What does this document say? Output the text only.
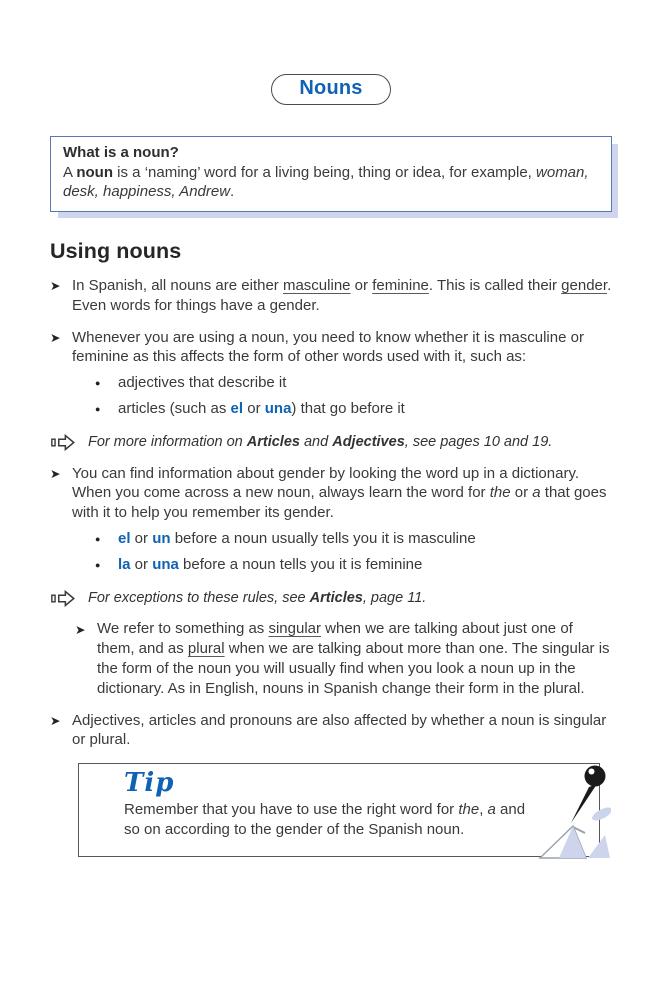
Nouns

What is a noun?

A noun is a ‘naming’ word for a living being, thing or idea, for example, woman, desk, happiness, Andrew.

Using nouns
➤ In Spanish, all nouns are either masculine or feminine. This is called their gender. Even words for things have a gender.

➤ Whenever you are using a noun, you need to know whether it is masculine or feminine as this affects the form of other words used with it, such as:

●	adjectives that describe it

●	articles (such as el or una) that go before it

For more information on Articles and Adjectives, see pages 10 and 19.

➤ You can find information about gender by looking the word up in a dictionary. When you come across a new noun, always learn the word for the or a that goes with it to help you remember its gender.

●	el or un before a noun usually tells you it is masculine

●	la or una before a noun tells you it is feminine

For exceptions to these rules, see Articles, page 11.

➤ We refer to something as singular when we are talking about just one of them, and as plural when we are talking about more than one. The singular is the form of the noun you will usually find when you look a noun up in the dictionary. As in English, nouns in Spanish change their form in the plural.

➤ Adjectives, articles and pronouns are also affected by whether a noun is singular or plural.

Tip

Remember that you have to use the right word for the, a and so on according to the gender of the Spanish noun.
